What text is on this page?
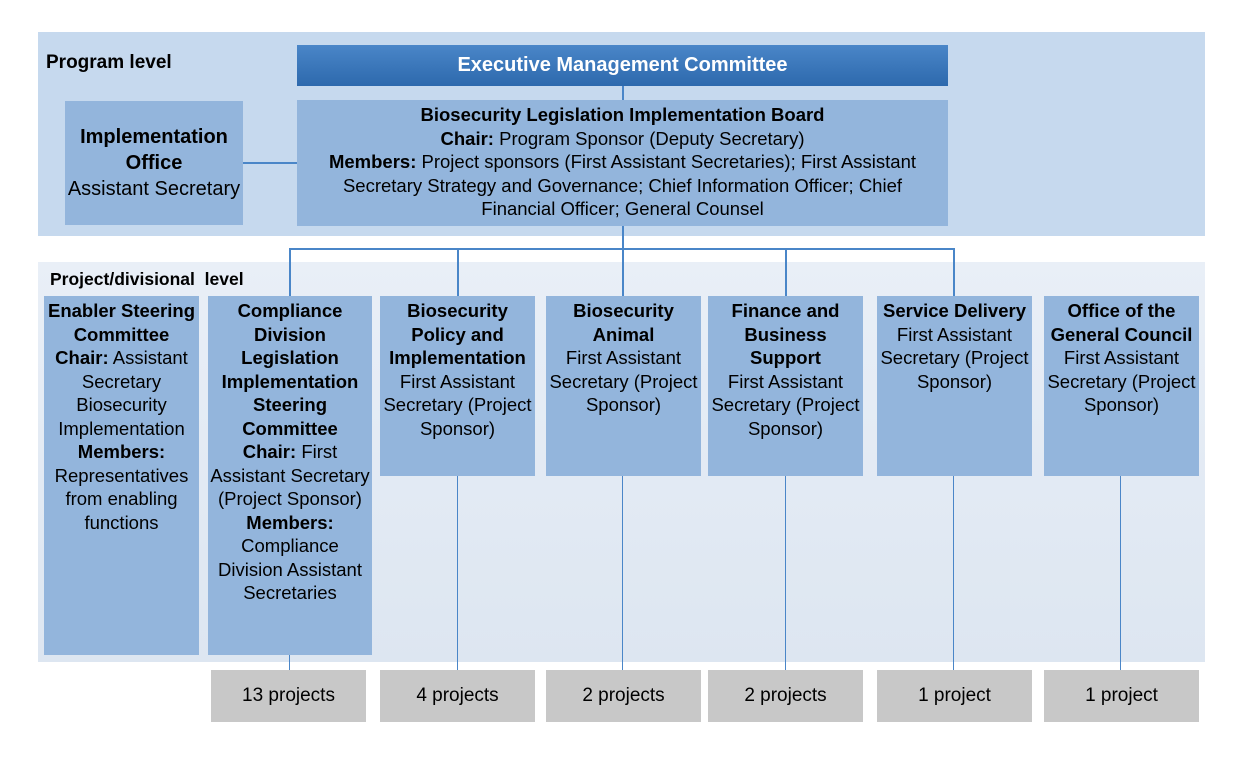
Program level
Project/divisional  level
Executive Management Committee
Biosecurity Legislation Implementation Board
Chair: Program Sponsor (Deputy Secretary)
Members: Project sponsors (First Assistant Secretaries); First Assistant Secretary Strategy and Governance; Chief Information Officer; Chief Financial Officer; General Counsel
Implementation Office
Assistant Secretary
Enabler Steering Committee
Chair: Assistant Secretary Biosecurity Implementation
Members:
Representatives from enabling functions
Compliance Division Legislation Implementation Steering Committee
Chair: First Assistant Secretary (Project Sponsor)
Members:
Compliance Division Assistant Secretaries
Biosecurity Policy and Implementation
First Assistant Secretary (Project Sponsor)
Biosecurity Animal
First Assistant Secretary (Project Sponsor)
Finance and Business Support
First Assistant Secretary (Project Sponsor)
Service Delivery
First Assistant Secretary (Project Sponsor)
Office of the General Council
First Assistant Secretary (Project Sponsor)
13 projects	4 projects	2 projects	2 projects	1 project	1 project
